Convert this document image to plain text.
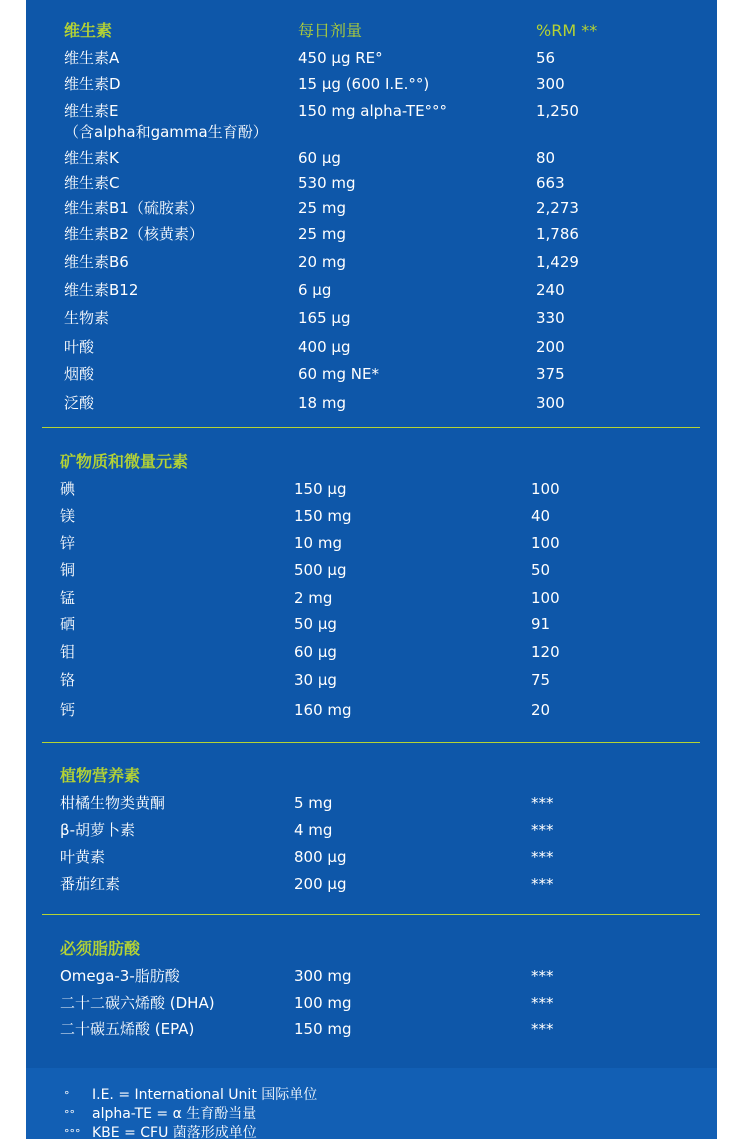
维生素	每日剂量	%RM **
维生素A	450 μg RE°	56
维生素D	15 μg (600 I.E.°°)	300
维生素E	150 mg alpha-TE°°°	1,250
（含alpha和gamma生育酚）
维生素K	60 μg	80
维生素C	530 mg	663
维生素B1（硫胺素）	25 mg	2,273
维生素B2（核黄素）	25 mg	1,786
维生素B6	20 mg	1,429
维生素B12	6 μg	240
生物素	165 μg	330
叶酸	400 μg	200
烟酸	60 mg NE*	375
泛酸	18 mg	300
矿物质和微量元素
碘	150 μg	100
镁	150 mg	40
锌	10 mg	100
铜	500 μg	50
锰	2 mg	100
硒	50 μg	91
钼	60 μg	120
铬	30 μg	75
钙	160 mg	20
植物营养素
柑橘生物类黄酮	5 mg	***
β-胡萝卜素	4 mg	***
叶黄素	800 μg	***
番茄红素	200 μg	***
必须脂肪酸
Omega-3-脂肪酸	300 mg	***
二十二碳六烯酸 (DHA)	100 mg	***
二十碳五烯酸 (EPA)	150 mg	***
° I.E. = International Unit 国际单位
°° alpha-TE = α 生育酚当量
°°° KBE = CFU 菌落形成单位
